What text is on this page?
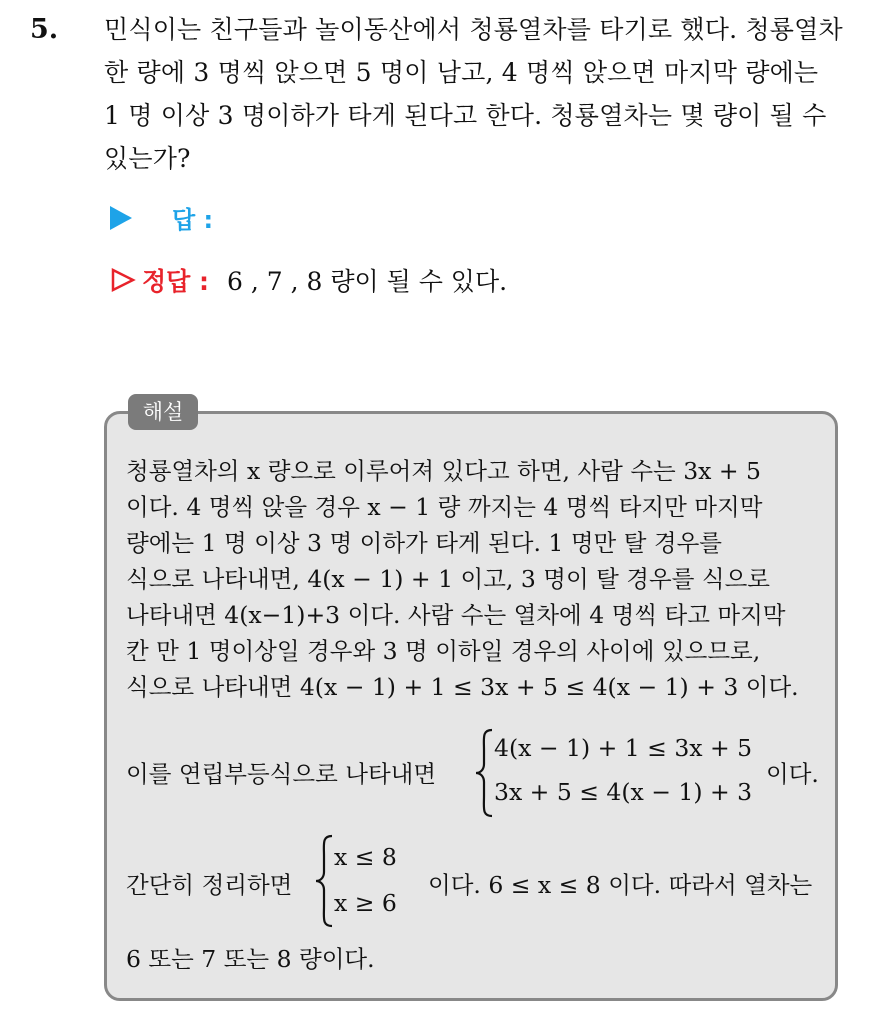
5. 민식이는 친구들과 놀이동산에서 청룡열차를 타기로 했다. 청룡열차
한 량에 3 명씩 앉으면 5 명이 남고, 4 명씩 앉으면 마지막 량에는
1 명 이상 3 명이하가 타게 된다고 한다. 청룡열차는 몇 량이 될 수
있는가?
답 :
정답 : 6 , 7 , 8 량이 될 수 있다.
해설
청룡열차의 x 량으로 이루어져 있다고 하면, 사람 수는 3x + 5
이다. 4 명씩 앉을 경우 x − 1 량 까지는 4 명씩 타지만 마지막
량에는 1 명 이상 3 명 이하가 타게 된다. 1 명만 탈 경우를
식으로 나타내면, 4(x − 1) + 1 이고, 3 명이 탈 경우를 식으로
나타내면 4(x−1)+3 이다. 사람 수는 열차에 4 명씩 타고 마지막
칸 만 1 명이상일 경우와 3 명 이하일 경우의 사이에 있으므로,
식으로 나타내면 4(x − 1) + 1 ≤ 3x + 5 ≤ 4(x − 1) + 3 이다.
이를 연립부등식으로 나타내면
4(x − 1) + 1 ≤ 3x + 5
3x + 5 ≤ 4(x − 1) + 3
이다.
간단히 정리하면
x ≤ 8
x ≥ 6
이다. 6 ≤ x ≤ 8 이다. 따라서 열차는
6 또는 7 또는 8 량이다.
